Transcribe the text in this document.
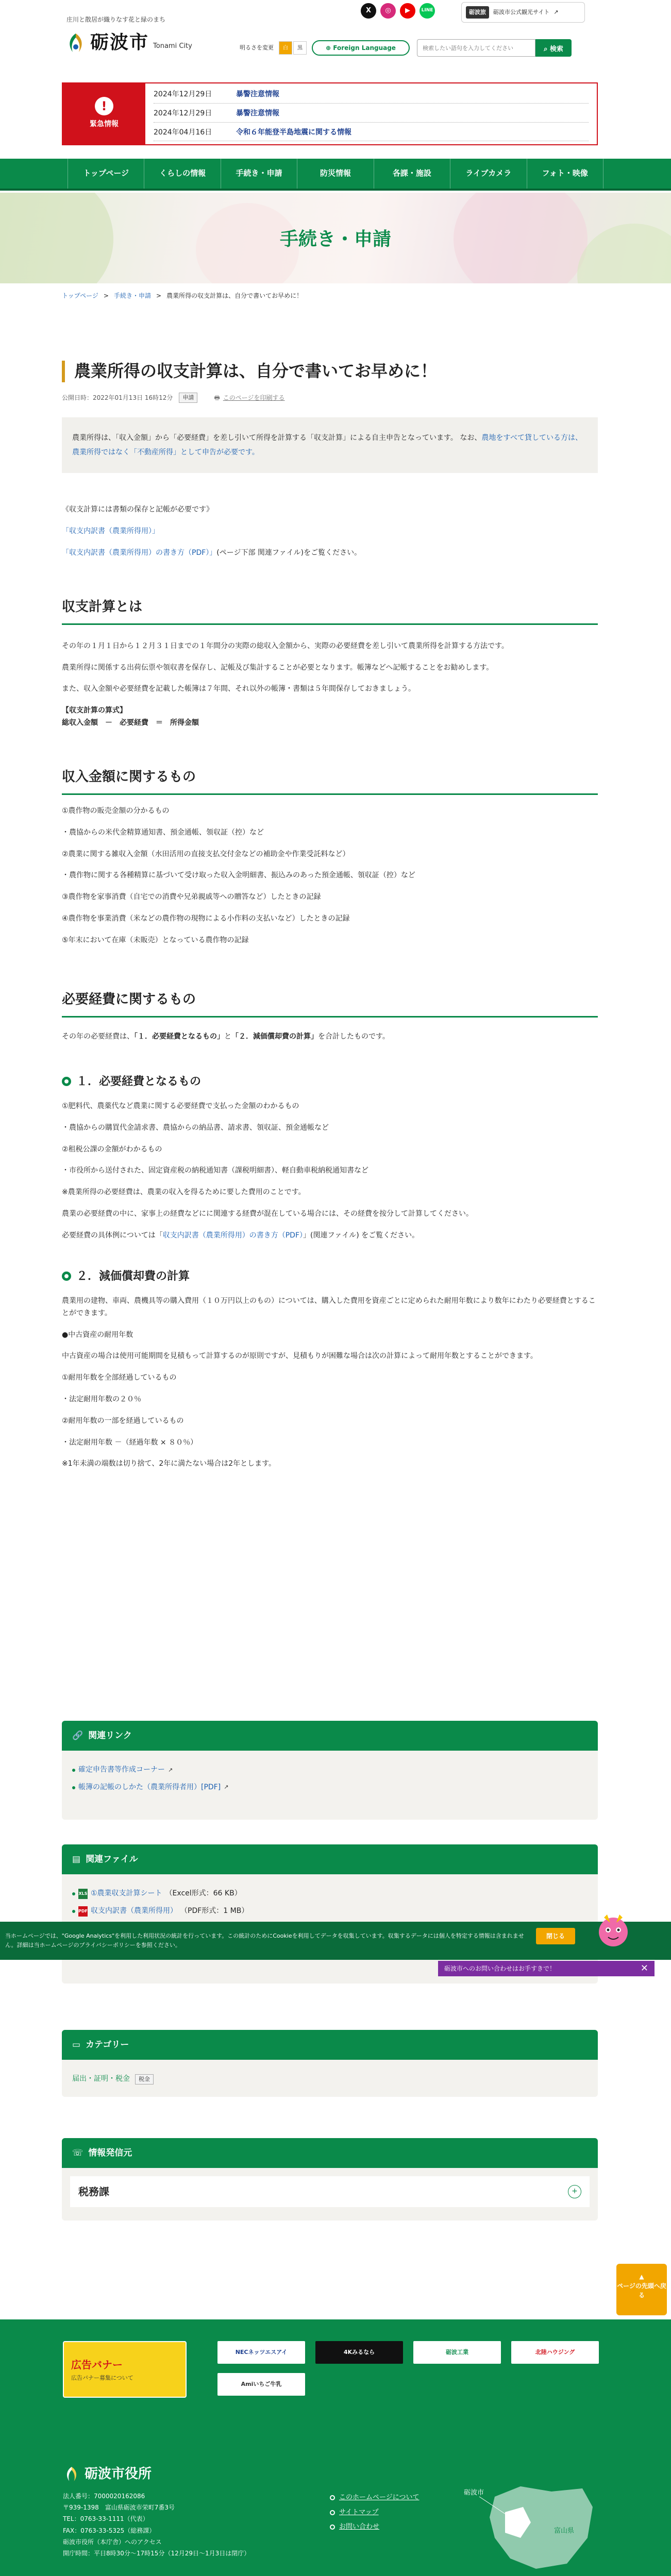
庄川と散居が織りなす花と緑のまち
砺波市 Tonami City
X	◎	▶	LINE	砺波旅	砺波市公式観光サイト ↗
明るさを変更	白	黒	⊕ Foreign Language
検索したい語句を入力してください	⌕ 検索
!
緊急情報
2024年12月29日	暴警注意情報
2024年12月29日	暴警注意情報
2024年04月16日	令和６年能登半島地震に関する情報
トップページ	くらしの情報	手続き・申請	防災情報	各課・施設	ライブカメラ	フォト・映像
手続き・申請
トップページ > 手続き・申請 > 農業所得の収支計算は、自分で書いてお早めに！
農業所得の収支計算は、自分で書いてお早めに！
公開日時：2022年01月13日 16時12分	申請	🖶 このページを印刷する
農業所得は、「収入金額」から「必要経費」を差し引いて所得を計算する「収支計算」による自主申告となっています。 なお、農地をすべて貸している方は、農業所得ではなく「不動産所得」として申告が必要です。

《収支計算には書類の保存と記帳が必要です》

「収支内訳書（農業所得用）」

「収支内訳書（農業所得用）の書き方（PDF）」(ページ下部 関連ファイル)をご覧ください。

収支計算とは

その年の１月１日から１２月３１日までの１年間分の実際の総収入金額から、実際の必要経費を差し引いて農業所得を計算する方法です。

農業所得に関係する出荷伝票や領収書を保存し、記帳及び集計することが必要となります。帳簿などへ記帳することをお勧めします。

また、収入金額や必要経費を記載した帳簿は７年間、それ以外の帳簿・書類は５年間保存しておきましょう。

【収支計算の算式】

総収入金額　－　必要経費　＝　所得金額

収入金額に関するもの

①農作物の販売金額の分かるもの

・農協からの米代金精算通知書、預金通帳、領収証（控）など

②農業に関する雑収入金額（水田活用の直接支払交付金などの補助金や作業受託料など）

・農作物に関する各種精算に基づいて受け取った収入金明細書、振込みのあった預金通帳、領収証（控）など

③農作物を家事消費（自宅での消費や兄弟親戚等への贈答など）したときの記録

④農作物を事業消費（米などの農作物の現物による小作料の支払いなど）したときの記録

⑤年末において在庫（未販売）となっている農作物の記録

必要経費に関するもの

その年の必要経費は、「１．必要経費となるもの」と「２．減価償却費の計算」を合計したものです。

１．必要経費となるもの

①肥料代、農薬代など農業に関する必要経費で支払った金額のわかるもの

・農協からの購買代金請求書、農協からの納品書、請求書、領収証、預金通帳など

②租税公課の金額がわかるもの

・市役所から送付された、固定資産税の納税通知書（課税明細書）、軽自動車税納税通知書など

※農業所得の必要経費は、農業の収入を得るために要した費用のことです。

農業の必要経費の中に、家事上の経費などにに関連する経費が混在している場合には、その経費を按分して計算してください。

必要経費の具体例については「収支内訳書（農業所得用）の書き方（PDF）」(関連ファイル) をご覧ください。

２．減価償却費の計算

農業用の建物、車両、農機具等の購入費用（１０万円以上のもの）については、購入した費用を資産ごとに定められた耐用年数により数年にわたり必要経費とすることができます。

●中古資産の耐用年数

中古資産の場合は使用可能期間を見積もって計算するのが原則ですが、見積もりが困難な場合は次の計算によって耐用年数とすることができます。

①耐用年数を全部経過しているもの

・法定耐用年数の２０％

②耐用年数の一部を経過しているもの

・法定耐用年数 －（経過年数 × ８０％）

※1年未満の端数は切り捨て、2年に満たない場合は2年とします。

🔗 関連リンク
確定申告書等作成コーナー ↗
帳簿の記帳のしかた（農業所得者用）[PDF] ↗
▤ 関連ファイル
XLS ①農業収支計算シート （Excel形式：66 KB）
PDF 収支内訳書（農業所得用） （PDF形式：1 MB）
▭ カテゴリー
届出・証明・税金	税金
☏ 情報発信元
税務課	+
当ホームページでは、"Google Analytics"を利用した利用状況の統計を行っています。この統計のためにCookieを利用してデータを収集しています。収集するデータには個人を特定する情報は含まれません。詳細は当ホームページのプライバシーポリシーを参照ください。
閉じる
砺波市へのお問い合わせはお手すきで！	✕
▲
ページの先頭へ戻る
広告バナー
広告バナー募集について
NECネッツエスアイ	4Kみるなら	砺波工業	北陸ハウジング
Amiいちご牛乳
砺波市役所
法人番号：7000020162086
〒939-1398　富山県砺波市栄町7番3号
TEL：0763-33-1111（代表）
FAX：0763-33-5325（総務課）
砺波市役所（本庁舎）へのアクセス
開庁時間：平日8時30分～17時15分（12月29日～1月3日は閉庁）
このホームページについて
サイトマップ
お問い合わせ
砺波市
富山県
